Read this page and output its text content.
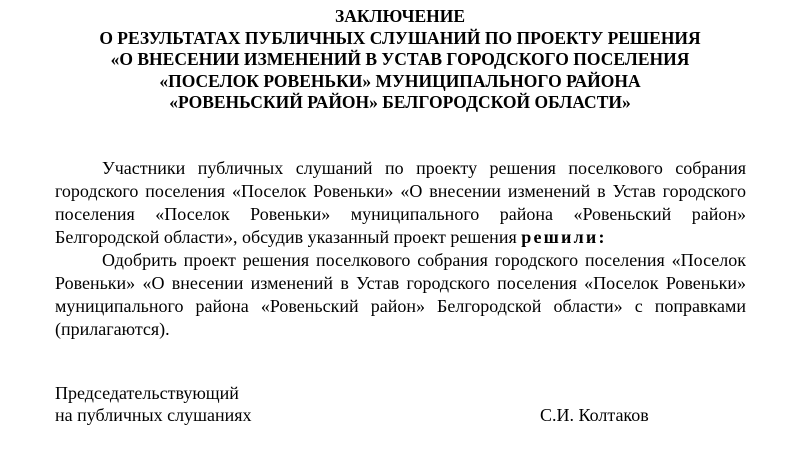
ЗАКЛЮЧЕНИЕ
О РЕЗУЛЬТАТАХ ПУБЛИЧНЫХ СЛУШАНИЙ ПО ПРОЕКТУ РЕШЕНИЯ
«О ВНЕСЕНИИ ИЗМЕНЕНИЙ В УСТАВ ГОРОДСКОГО ПОСЕЛЕНИЯ
«ПОСЕЛОК РОВЕНЬКИ» МУНИЦИПАЛЬНОГО РАЙОНА
«РОВЕНЬСКИЙ РАЙОН» БЕЛГОРОДСКОЙ ОБЛАСТИ»

Участники публичных слушаний по проекту решения поселкового собрания городского поселения «Поселок Ровеньки» «О внесении изменений в Устав городского поселения «Поселок Ровеньки» муниципального района «Ровеньский район» Белгородской области», обсудив указанный проект решения решили:

Одобрить проект решения поселкового собрания городского поселения «Поселок Ровеньки» «О внесении изменений в Устав городского поселения «Поселок Ровеньки» муниципального района «Ровеньский район» Белгородской области» с поправками (прилагаются).

Председательствующий
на публичных слушаниях	С.И. Колтаков
